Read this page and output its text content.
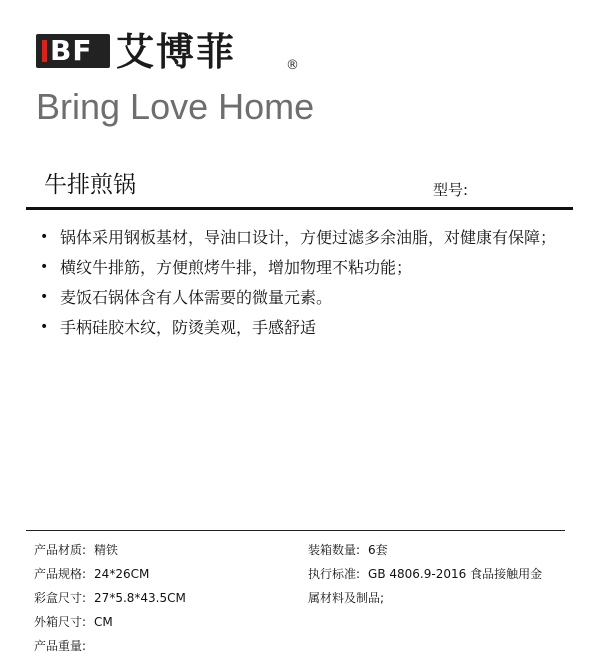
BF 艾博菲	®
Bring Love Home
牛排煎锅	型号:
• 锅体采用钢板基材，导油口设计，方便过滤多余油脂，对健康有保障；
• 横纹牛排筋，方便煎烤牛排，增加物理不粘功能；
• 麦饭石锅体含有人体需要的微量元素。
• 手柄硅胶木纹，防烫美观，手感舒适
产品材质: 精铁
产品规格: 24*26CM
彩盒尺寸: 27*5.8*43.5CM
外箱尺寸: CM
产品重量:
装箱数量: 6套
执行标准: GB 4806.9-2016 食品接触用金
属材料及制品;
